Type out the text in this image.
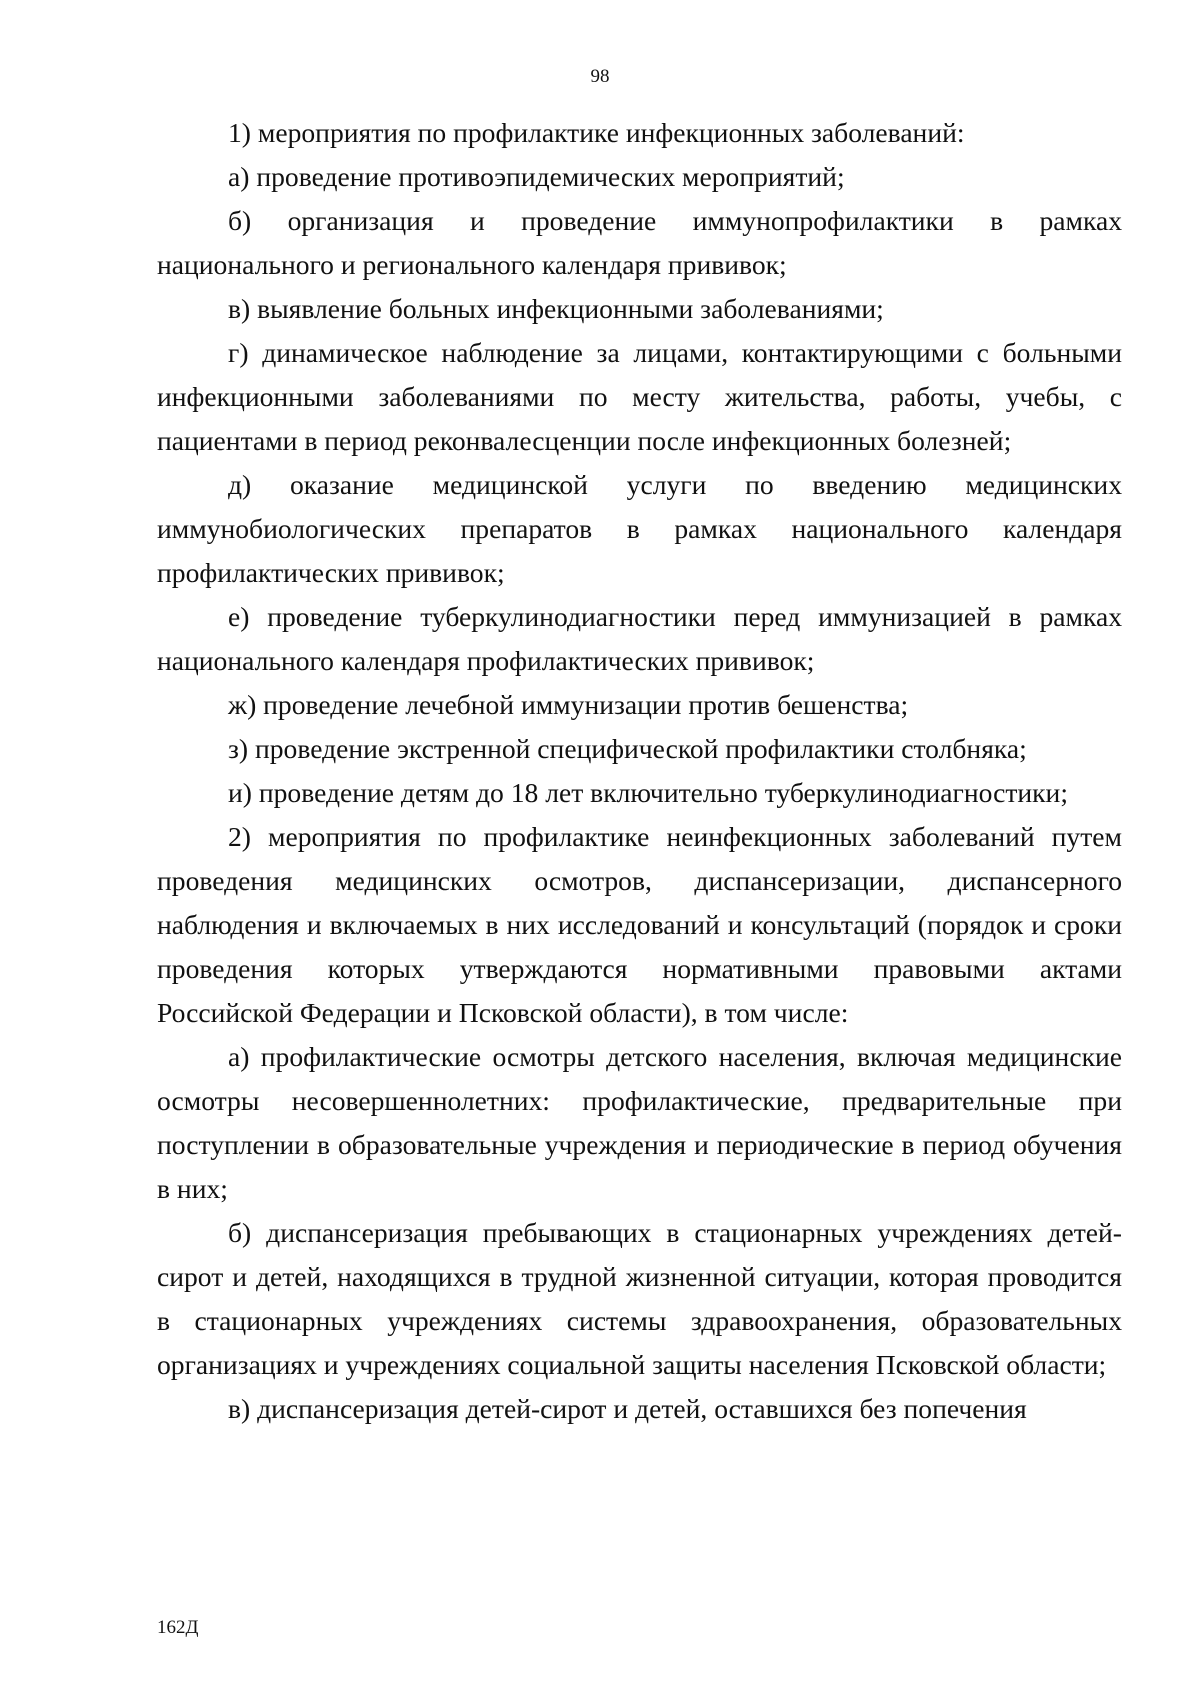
98

1) мероприятия по профилактике инфекционных заболеваний:

а) проведение противоэпидемических мероприятий;

б) организация и проведение иммунопрофилактики в рамках национального и регионального календаря прививок;

в) выявление больных инфекционными заболеваниями;

г) динамическое наблюдение за лицами, контактирующими с больными инфекционными заболеваниями по месту жительства, работы, учебы, с пациентами в период реконвалесценции после инфекционных болезней;

д) оказание медицинской услуги по введению медицинских иммунобиологических препаратов в рамках национального календаря профилактических прививок;

е) проведение туберкулинодиагностики перед иммунизацией в рамках национального календаря профилактических прививок;

ж) проведение лечебной иммунизации против бешенства;

з) проведение экстренной специфической профилактики столбняка;

и) проведение детям до 18 лет включительно туберкулинодиагностики;

2) мероприятия по профилактике неинфекционных заболеваний путем проведения медицинских осмотров, диспансеризации, диспансерного наблюдения и включаемых в них исследований и консультаций (порядок и сроки проведения которых утверждаются нормативными правовыми актами Российской Федерации и Псковской области), в том числе:

а) профилактические осмотры детского населения, включая медицинские осмотры несовершеннолетних: профилактические, предварительные при поступлении в образовательные учреждения и периодические в период обучения в них;

б) диспансеризация пребывающих в стационарных учреждениях детей-сирот и детей, находящихся в трудной жизненной ситуации, которая проводится в стационарных учреждениях системы здравоохранения, образовательных организациях и учреждениях социальной защиты населения Псковской области;

в) диспансеризация детей-сирот и детей, оставшихся без попечения

162Д
